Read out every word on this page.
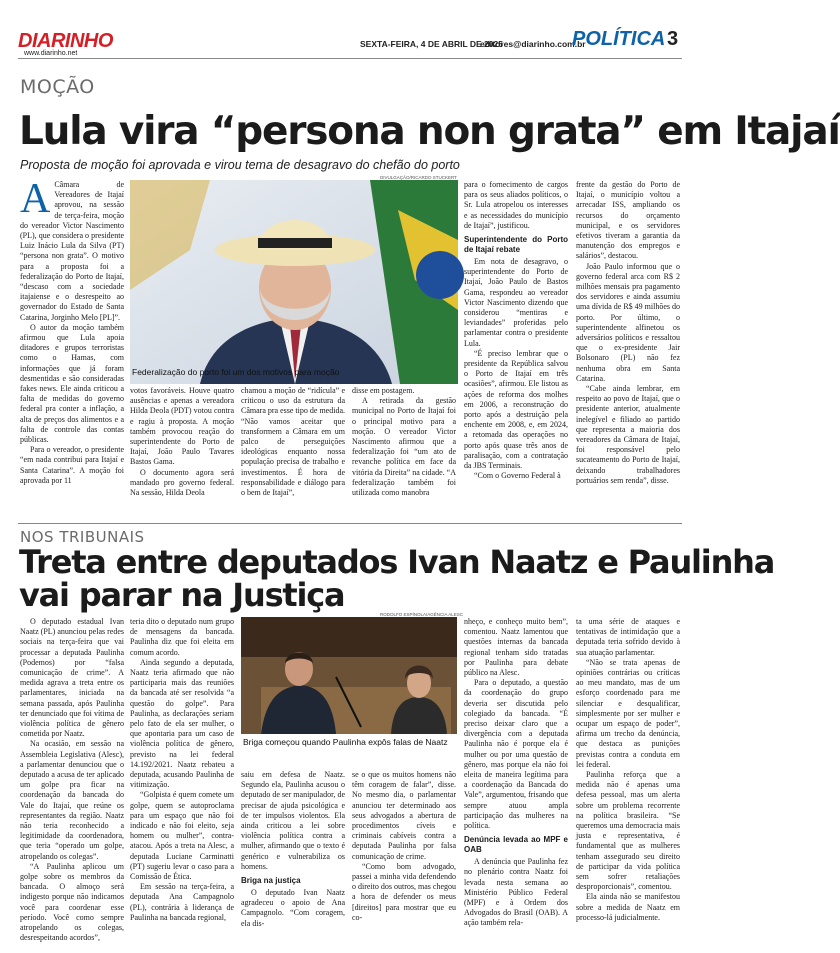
DIARINHO
www.diarinho.net
SEXTA-FEIRA, 4 DE ABRIL DE 2025
editores@diarinho.com.br
POLÍTICA 3
MOÇÃO
Lula vira “persona non grata” em Itajaí
Proposta de moção foi aprovada e virou tema de desagravo do chefão do porto
DIVULGAÇÃO/RICARDO STUCKERT
Federalização do porto foi um dos motivos para moção
A Câmara de Vereadores de Itajaí aprovou, na sessão de terça-feira, moção do vereador Victor Nascimento (PL), que considera o presidente Luiz Inácio Lula da Silva (PT) “persona non grata”. O motivo para a proposta foi a federalização do Porto de Itajaí, “descaso com a sociedade itajaiense e o desrespeito ao governador do Estado de Santa Catarina, Jorginho Melo [PL]”.

O autor da moção também afirmou que Lula apoia ditadores e grupos terroristas como o Hamas, com informações que já foram desmentidas e são consideradas fakes news. Ele ainda criticou a falta de medidas do governo federal pra conter a inflação, a alta de preços dos alimentos e a falta de controle das contas públicas.

Para o vereador, o presidente “em nada contribui para Itajaí e Santa Catarina”. A moção foi aprovada por 11

votos favoráveis. Houve quatro ausências e apenas a vereadora Hilda Deola (PDT) votou contra e ragiu à proposta. A moção também provocou reação do superintendente do Porto de Itajaí, João Paulo Tavares Bastos Gama.

O documento agora será mandado pro governo federal. Na sessão, Hilda Deola

chamou a moção de “ridícula” e criticou o uso da estrutura da Câmara pra esse tipo de medida. “Não vamos aceitar que transformem a Câmara em um palco de perseguições ideológicas enquanto nossa população precisa de trabalho e investimentos. É hora de responsabilidade e diálogo para o bem de Itajaí”,

disse em postagem.

A retirada da gestão municipal no Porto de Itajaí foi o principal motivo para a moção. O vereador Victor Nascimento afirmou que a federalização foi “um ato de revanche política em face da vitória da Direita” na cidade. “A federalização também foi utilizada como manobra

para o fornecimento de cargos para os seus aliados políticos, o Sr. Lula atropelou os interesses e as necessidades do município de Itajaí”, justificou.

Superintendente do Porto de Itajaí rebate

Em nota de desagravo, o superintendente do Porto de Itajaí, João Paulo de Bastos Gama, respondeu ao vereador Victor Nascimento dizendo que considerou “mentiras e leviandades” proferidas pelo parlamentar contra o presidente Lula.

“É preciso lembrar que o presidente da República salvou o Porto de Itajaí em três ocasiões”, afirmou. Ele listou as ações de reforma dos molhes em 2006, a reconstrução do porto após a destruição pela enchente em 2008, e, em 2024, a retomada das operações no porto após quase três anos de paralisação, com a contratação da JBS Terminais.

“Com o Governo Federal à

frente da gestão do Porto de Itajaí, o município voltou a arrecadar ISS, ampliando os recursos do orçamento municipal, e os servidores efetivos tiveram a garantia da manutenção dos empregos e salários”, destacou.

João Paulo informou que o governo federal arca com R$ 2 milhões mensais pra pagamento dos servidores e ainda assumiu uma dívida de R$ 49 milhões do porto. Por último, o superintendente alfinetou os adversários políticos e ressaltou que o ex-presidente Jair Bolsonaro (PL) não fez nenhuma obra em Santa Catarina.

“Cabe ainda lembrar, em respeito ao povo de Itajaí, que o presidente anterior, atualmente inelegível e filiado ao partido que representa a maioria dos vereadores da Câmara de Itajaí, foi responsável pelo sucateamento do Porto de Itajaí, deixando trabalhadores portuários sem renda”, disse.

NOS TRIBUNAIS
Treta entre deputados Ivan Naatz e Paulinha
vai parar na Justiça
RODOLFO ESPÍNOLA/AGÊNCIA ALESC
Briga começou quando Paulinha expôs falas de Naatz

O deputado estadual Ivan Naatz (PL) anunciou pelas redes sociais na terça-feira que vai processar a deputada Paulinha (Podemos) por “falsa comunicação de crime”. A medida agrava a treta entre os parlamentares, iniciada na semana passada, após Paulinha ter denunciado que foi vítima de violência política de gênero cometida por Naatz.

Na ocasião, em sessão na Assembleia Legislativa (Alesc), a parlamentar denunciou que o deputado a acusa de ter aplicado um golpe pra ficar na coordenação da bancada do Vale do Itajaí, que reúne os representantes da região. Naatz não teria reconhecido a legitimidade da coordenadora, que teria “operado um golpe, atropelando os colegas”.

“A Paulinha aplicou um golpe sobre os membros da bancada. O almoço será indigesto porque não indicamos você para coordenar esse período. Você como sempre atropelando os colegas, desrespeitando acordos”,

teria dito o deputado num grupo de mensagens da bancada. Paulinha diz que foi eleita em comum acordo.

Ainda segundo a deputada, Naatz teria afirmado que não participaria mais das reuniões da bancada até ser resolvida “a questão do golpe”. Para Paulinha, as declarações seriam pelo fato de ela ser mulher, o que apontaria para um caso de violência política de gênero, previsto na lei federal 14.192/2021. Naatz rebateu a deputada, acusando Paulinha de vitimização.

“Golpista é quem comete um golpe, quem se autoproclama para um espaço que não foi indicado e não foi eleito, seja homem ou mulher”, contra-atacou. Após a treta na Alesc, a deputada Luciane Carminatti (PT) sugeriu levar o caso para a Comissão de Ética.

Em sessão na terça-feira, a deputada Ana Campagnolo (PL), contrária à liderança de Paulinha na bancada regional,

saiu em defesa de Naatz. Segundo ela, Paulinha acusou o deputado de ser manipulador, de precisar de ajuda psicológica e de ter impulsos violentos. Ela ainda criticou a lei sobre violência política contra a mulher, afirmando que o texto é genérico e vulnerabiliza os homens.

Briga na justiça

O deputado Ivan Naatz agradeceu o apoio de Ana Campagnolo. “Com coragem, ela dis-

se o que os muitos homens não têm coragem de falar”, disse. No mesmo dia, o parlamentar anunciou ter determinado aos seus advogados a abertura de procedimentos cíveis e criminais cabíveis contra a deputada Paulinha por falsa comunicação de crime.

“Como bom advogado, passei a minha vida defendendo o direito dos outros, mas chegou a hora de defender os meus [direitos] para mostrar que eu co-

nheço, e conheço muito bem”, comentou. Naatz lamentou que questões internas da bancada regional tenham sido tratadas por Paulinha para debate público na Alesc.

Para o deputado, a questão da coordenação do grupo deveria ser discutida pelo colegiado da bancada. “É preciso deixar claro que a divergência com a deputada Paulinha não é porque ela é mulher ou por uma questão de gênero, mas porque ela não foi eleita de maneira legítima para a coordenação da Bancada do Vale”, argumentou, frisando que sempre atuou ampla participação das mulheres na política.

Denúncia levada ao MPF e OAB

A denúncia que Paulinha fez no plenário contra Naatz foi levada nesta semana ao Ministério Público Federal (MPF) e à Ordem dos Advogados do Brasil (OAB). A ação também rela-

ta uma série de ataques e tentativas de intimidação que a deputada teria sofrido devido à sua atuação parlamentar.

“Não se trata apenas de opiniões contrárias ou críticas ao meu mandato, mas de um esforço coordenado para me silenciar e desqualificar, simplesmente por ser mulher e ocupar um espaço de poder”, afirma um trecho da denúncia, que destaca as punições previstas contra a conduta em lei federal.

Paulinha reforça que a medida não é apenas uma defesa pessoal, mas um alerta sobre um problema recorrente na política brasileira. “Se queremos uma democracia mais justa e representativa, é fundamental que as mulheres tenham assegurado seu direito de participar da vida política sem sofrer retaliações desproporcionais”, comentou.

Ela ainda não se manifestou sobre a medida de Naatz em processo-lá judicialmente.
